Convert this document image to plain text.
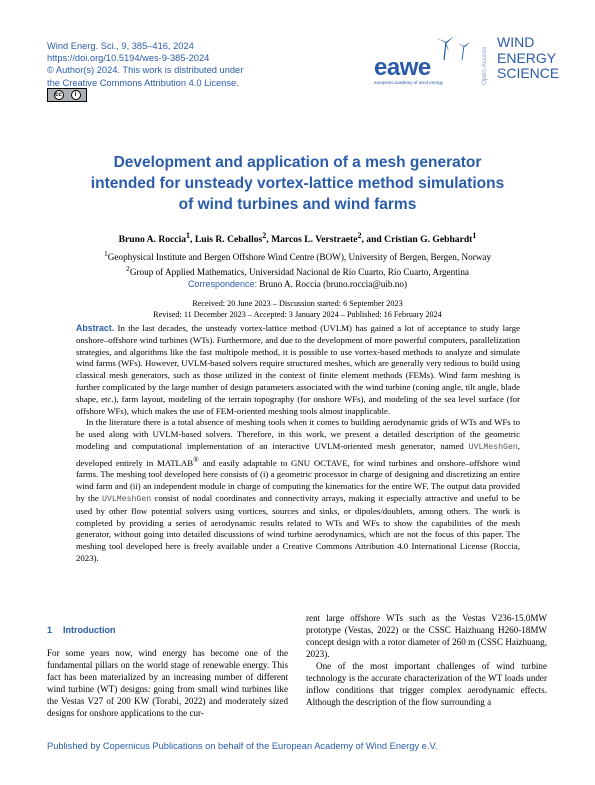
Wind Energ. Sci., 9, 385–416, 2024
https://doi.org/10.5194/wes-9-385-2024
© Author(s) 2024. This work is distributed under
the Creative Commons Attribution 4.0 License.
cc	i
eawe
european academy of wind energy	Open Access
WIND
ENERGY
SCIENCE
Development and application of a mesh generator
intended for unsteady vortex-lattice method simulations
of wind turbines and wind farms
Bruno A. Roccia$^1$, Luis R. Ceballos$^2$, Marcos L. Verstraete$^2$, and Cristian G. Gebhardt$^1$
$^1$Geophysical Institute and Bergen Offshore Wind Centre (BOW), University of Bergen, Bergen, Norway
$^2$Group of Applied Mathematics, Universidad Nacional de Río Cuarto, Río Cuarto, Argentina
Correspondence: Bruno A. Roccia (bruno.roccia@uib.no)
Received: 20 June 2023 – Discussion started: 6 September 2023
Revised: 11 December 2023 – Accepted: 3 January 2024 – Published: 16 February 2024

Abstract. In the last decades, the unsteady vortex-lattice method (UVLM) has gained a lot of acceptance to study large onshore–offshore wind turbines (WTs). Furthermore, and due to the development of more powerful computers, parallelization strategies, and algorithms like the fast multipole method, it is possible to use vortex-based methods to analyze and simulate wind farms (WFs). However, UVLM-based solvers require structured meshes, which are generally very tedious to build using classical mesh generators, such as those utilized in the context of finite element methods (FEMs). Wind farm meshing is further complicated by the large number of design parameters associated with the wind turbine (coning angle, tilt angle, blade shape, etc.), farm layout, modeling of the terrain topography (for onshore WFs), and modeling of the sea level surface (for offshore WFs), which makes the use of FEM-oriented meshing tools almost inapplicable.

In the literature there is a total absence of meshing tools when it comes to building aerodynamic grids of WTs and WFs to be used along with UVLM-based solvers. Therefore, in this work, we present a detailed description of the geometric modeling and computational implementation of an interactive UVLM-oriented mesh generator, named UVLMeshGen, developed entirely in MATLAB® and easily adaptable to GNU OCTAVE, for wind turbines and onshore–offshore wind farms. The meshing tool developed here consists of (i) a geometric processor in charge of designing and discretizing an entire wind farm and (ii) an independent module in charge of computing the kinematics for the entire WF. The output data provided by the UVLMeshGen consist of nodal coordinates and connectivity arrays, making it especially attractive and useful to be used by other flow potential solvers using vortices, sources and sinks, or dipoles/doublets, among others. The work is completed by providing a series of aerodynamic results related to WTs and WFs to show the capabilities of the mesh generator, without going into detailed discussions of wind turbine aerodynamics, which are not the focus of this paper. The meshing tool developed here is freely available under a Creative Commons Attribution 4.0 International License (Roccia, 2023).

1 Introduction

For some years now, wind energy has become one of the fundamental pillars on the world stage of renewable energy. This fact has been materialized by an increasing number of different wind turbine (WT) designs: going from small wind turbines like the Vestas V27 of 200 KW (Torabi, 2022) and moderately sized designs for onshore applications to the cur-

rent large offshore WTs such as the Vestas V236-15.0MW prototype (Vestas, 2022) or the CSSC Haizhuang H260-18MW concept design with a rotor diameter of 260 m (CSSC Haizhuang, 2023).

One of the most important challenges of wind turbine technology is the accurate characterization of the WT loads under inflow conditions that trigger complex aerodynamic effects. Although the description of the flow surrounding a

Published by Copernicus Publications on behalf of the European Academy of Wind Energy e.V.
